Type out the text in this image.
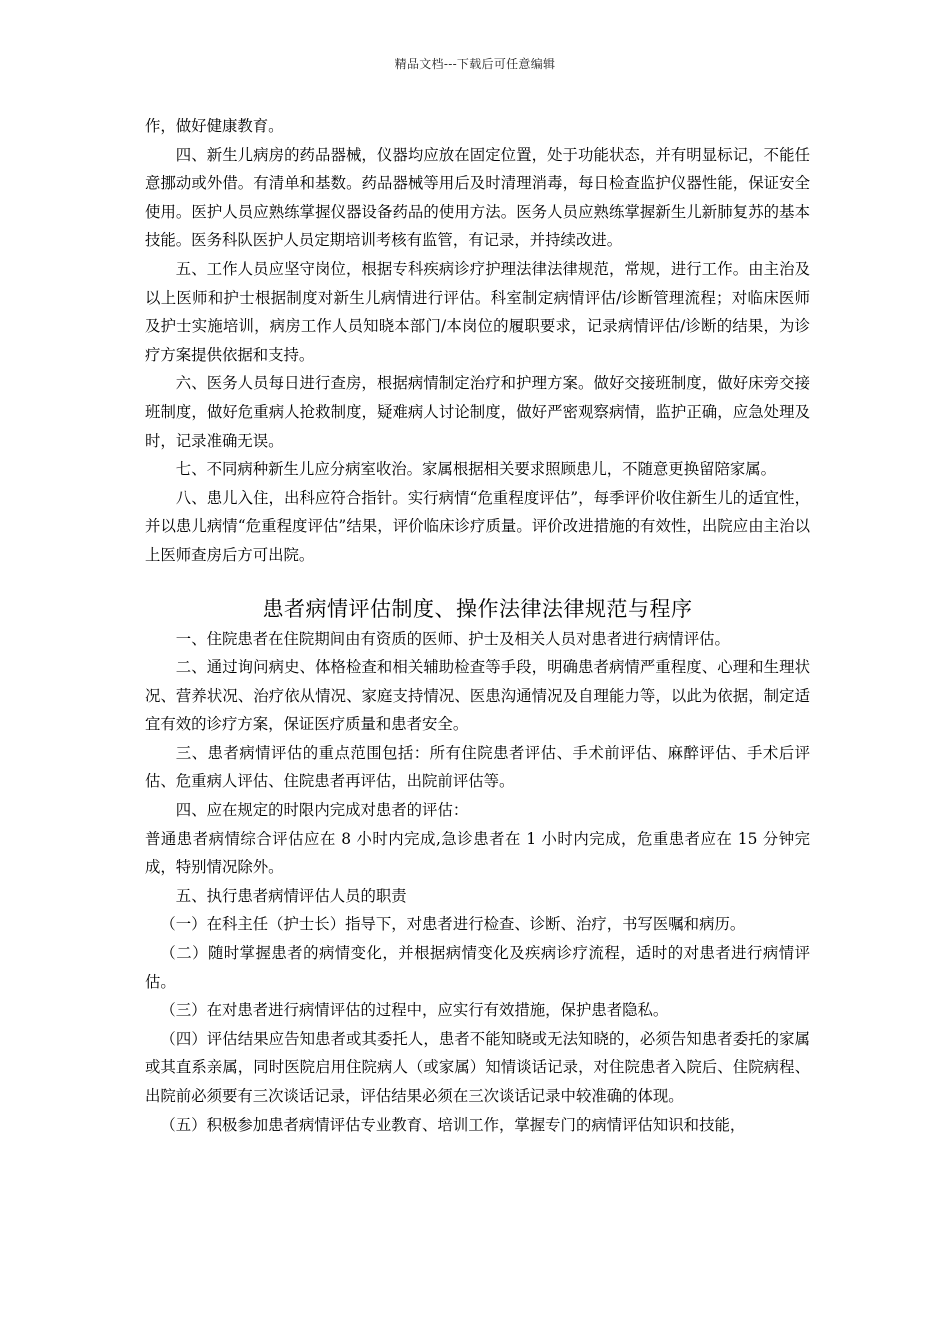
精品文档---下载后可任意编辑

作，做好健康教育。

四、新生儿病房的药品器械，仪器均应放在固定位置，处于功能状态，并有明显标记，不能任意挪动或外借。有清单和基数。药品器械等用后及时清理消毒，每日检查监护仪器性能，保证安全使用。医护人员应熟练掌握仪器设备药品的使用方法。医务人员应熟练掌握新生儿新肺复苏的基本技能。医务科队医护人员定期培训考核有监管，有记录，并持续改进。

五、工作人员应坚守岗位，根据专科疾病诊疗护理法律法律规范，常规，进行工作。由主治及以上医师和护士根据制度对新生儿病情进行评估。科室制定病情评估/诊断管理流程；对临床医师及护士实施培训，病房工作人员知晓本部门/本岗位的履职要求，记录病情评估/诊断的结果，为诊疗方案提供依据和支持。

六、医务人员每日进行查房，根据病情制定治疗和护理方案。做好交接班制度，做好床旁交接班制度，做好危重病人抢救制度，疑难病人讨论制度，做好严密观察病情，监护正确，应急处理及时，记录准确无误。

七、不同病种新生儿应分病室收治。家属根据相关要求照顾患儿，不随意更换留陪家属。

八、患儿入住，出科应符合指针。实行病情“危重程度评估”，每季评价收住新生儿的适宜性，并以患儿病情“危重程度评估”结果，评价临床诊疗质量。评价改进措施的有效性，出院应由主治以上医师查房后方可出院。

患者病情评估制度、操作法律法律规范与程序

一、住院患者在住院期间由有资质的医师、护士及相关人员对患者进行病情评估。

二、通过询问病史、体格检查和相关辅助检查等手段，明确患者病情严重程度、心理和生理状况、营养状况、治疗依从情况、家庭支持情况、医患沟通情况及自理能力等，以此为依据，制定适宜有效的诊疗方案，保证医疗质量和患者安全。

三、患者病情评估的重点范围包括：所有住院患者评估、手术前评估、麻醉评估、手术后评估、危重病人评估、住院患者再评估，出院前评估等。

四、应在规定的时限内完成对患者的评估：

普通患者病情综合评估应在 8 小时内完成,急诊患者在 1 小时内完成，危重患者应在 15 分钟完成，特别情况除外。

五、执行患者病情评估人员的职责

（一）在科主任（护士长）指导下，对患者进行检查、诊断、治疗，书写医嘱和病历。

（二）随时掌握患者的病情变化，并根据病情变化及疾病诊疗流程，适时的对患者进行病情评估。

（三）在对患者进行病情评估的过程中，应实行有效措施，保护患者隐私。

（四）评估结果应告知患者或其委托人，患者不能知晓或无法知晓的，必须告知患者委托的家属或其直系亲属，同时医院启用住院病人（或家属）知情谈话记录，对住院患者入院后、住院病程、出院前必须要有三次谈话记录，评估结果必须在三次谈话记录中较准确的体现。

（五）积极参加患者病情评估专业教育、培训工作，掌握专门的病情评估知识和技能，
